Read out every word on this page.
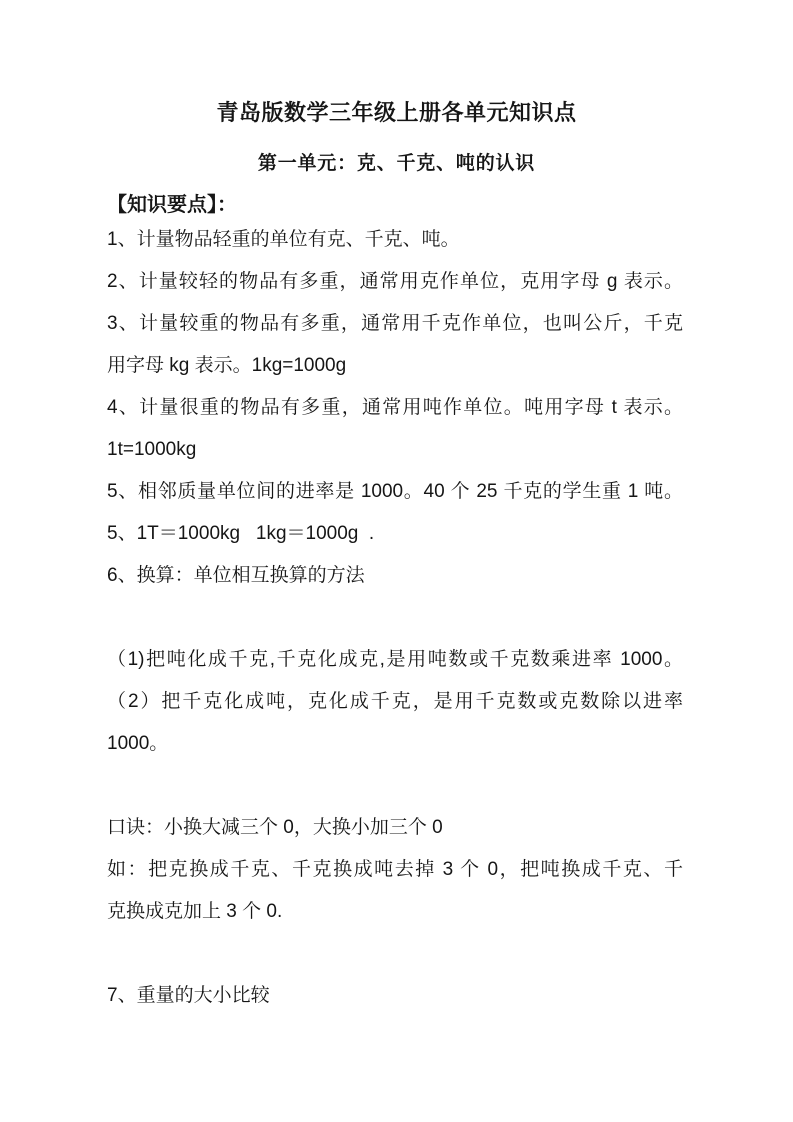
青岛版数学三年级上册各单元知识点
第一单元：克、千克、吨的认识
【知识要点】：
1、计量物品轻重的单位有克、千克、吨。
2、计量较轻的物品有多重，通常用克作单位，克用字母 g 表示。
3、计量较重的物品有多重，通常用千克作单位，也叫公斤，千克
用字母 kg 表示。1kg=1000g
4、计量很重的物品有多重，通常用吨作单位。吨用字母 t 表示。
1t=1000kg
5、相邻质量单位间的进率是 1000。40 个 25 千克的学生重 1 吨。
5、1T＝1000kg   1kg＝1000g  .
6、换算：单位相互换算的方法
（1)把吨化成千克,千克化成克,是用吨数或千克数乘进率 1000。
（2）把千克化成吨，克化成千克，是用千克数或克数除以进率
1000。
口诀：小换大减三个 0，大换小加三个 0
如：把克换成千克、千克换成吨去掉 3 个 0，把吨换成千克、千
克换成克加上 3 个 0.
7、重量的大小比较
